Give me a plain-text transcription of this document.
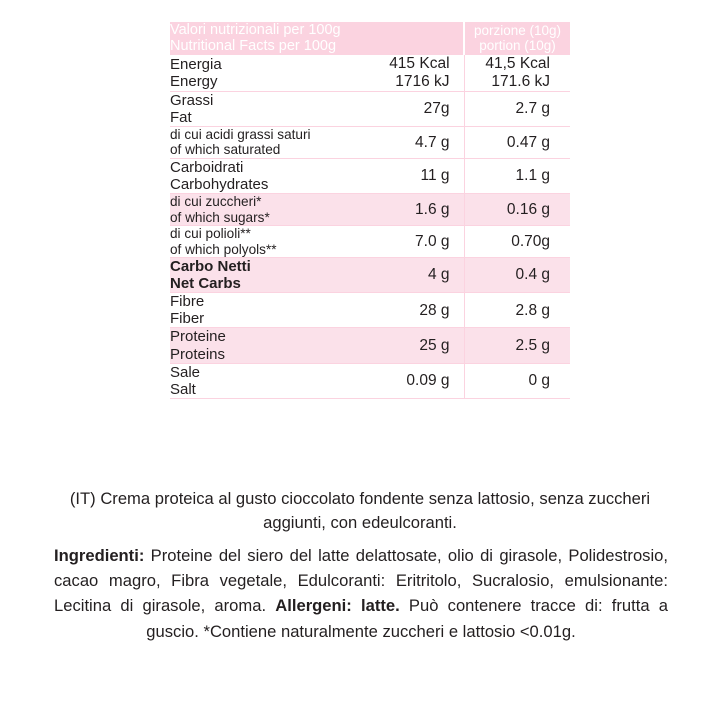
Valori nutrizionali per 100g
Nutritional Facts per 100g		porzione (10g)
portion (10g)

Energia
Energy	415 Kcal 1716 kJ	41,5 Kcal 171.6 kJ

Grassi
Fat	27g	2.7 g

di cui acidi grassi saturi
of which saturated	4.7 g	0.47 g

Carboidrati
Carbohydrates	11 g	1.1 g

di cui zuccheri*
of which sugars*	1.6 g	0.16 g

di cui polioli**
of which polyols**	7.0 g	0.70g

Carbo Netti
Net Carbs	4 g	0.4 g

Fibre
Fiber	28 g	2.8 g

Proteine
Proteins	25 g	2.5 g

Sale
Salt	0.09 g	0 g
(IT) Crema proteica al gusto cioccolato fondente senza lattosio, senza zuccheri aggiunti, con edeulcoranti.
Ingredienti: Proteine del siero del latte delattosate, olio di girasole, Polidestrosio, cacao magro, Fibra vegetale, Edulcoranti: Eritritolo, Sucralosio, emulsionante: Lecitina di girasole, aroma. Allergeni: latte. Può contenere tracce di: frutta a guscio. *Contiene naturalmente zuccheri e lattosio <0.01g.
